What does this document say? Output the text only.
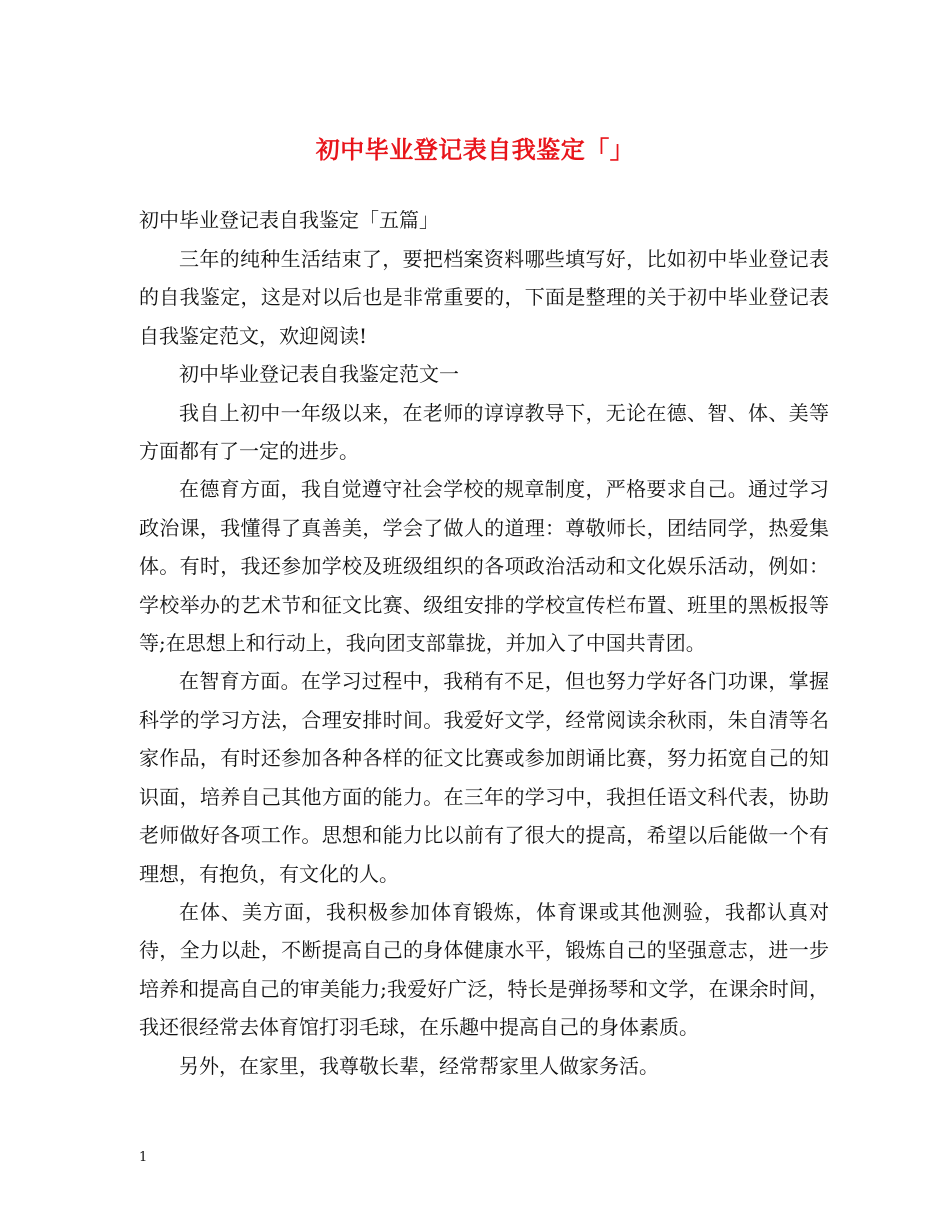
初中毕业登记表自我鉴定「」
初中毕业登记表自我鉴定「五篇」

三年的纯种生活结束了，要把档案资料哪些填写好，比如初中毕业登记表的自我鉴定，这是对以后也是非常重要的，下面是整理的关于初中毕业登记表自我鉴定范文，欢迎阅读!

初中毕业登记表自我鉴定范文一

我自上初中一年级以来，在老师的谆谆教导下，无论在德、智、体、美等方面都有了一定的进步。

在德育方面，我自觉遵守社会学校的规章制度，严格要求自己。通过学习政治课，我懂得了真善美，学会了做人的道理：尊敬师长，团结同学，热爱集体。有时，我还参加学校及班级组织的各项政治活动和文化娱乐活动，例如：学校举办的艺术节和征文比赛、级组安排的学校宣传栏布置、班里的黑板报等等;在思想上和行动上，我向团支部靠拢，并加入了中国共青团。

在智育方面。在学习过程中，我稍有不足，但也努力学好各门功课，掌握科学的学习方法，合理安排时间。我爱好文学，经常阅读余秋雨，朱自清等名家作品，有时还参加各种各样的征文比赛或参加朗诵比赛，努力拓宽自己的知识面，培养自己其他方面的能力。在三年的学习中，我担任语文科代表，协助老师做好各项工作。思想和能力比以前有了很大的提高，希望以后能做一个有理想，有抱负，有文化的人。

在体、美方面，我积极参加体育锻炼，体育课或其他测验，我都认真对待，全力以赴，不断提高自己的身体健康水平，锻炼自己的坚强意志，进一步培养和提高自己的审美能力;我爱好广泛，特长是弹扬琴和文学，在课余时间，我还很经常去体育馆打羽毛球，在乐趣中提高自己的身体素质。

另外，在家里，我尊敬长辈，经常帮家里人做家务活。

1
